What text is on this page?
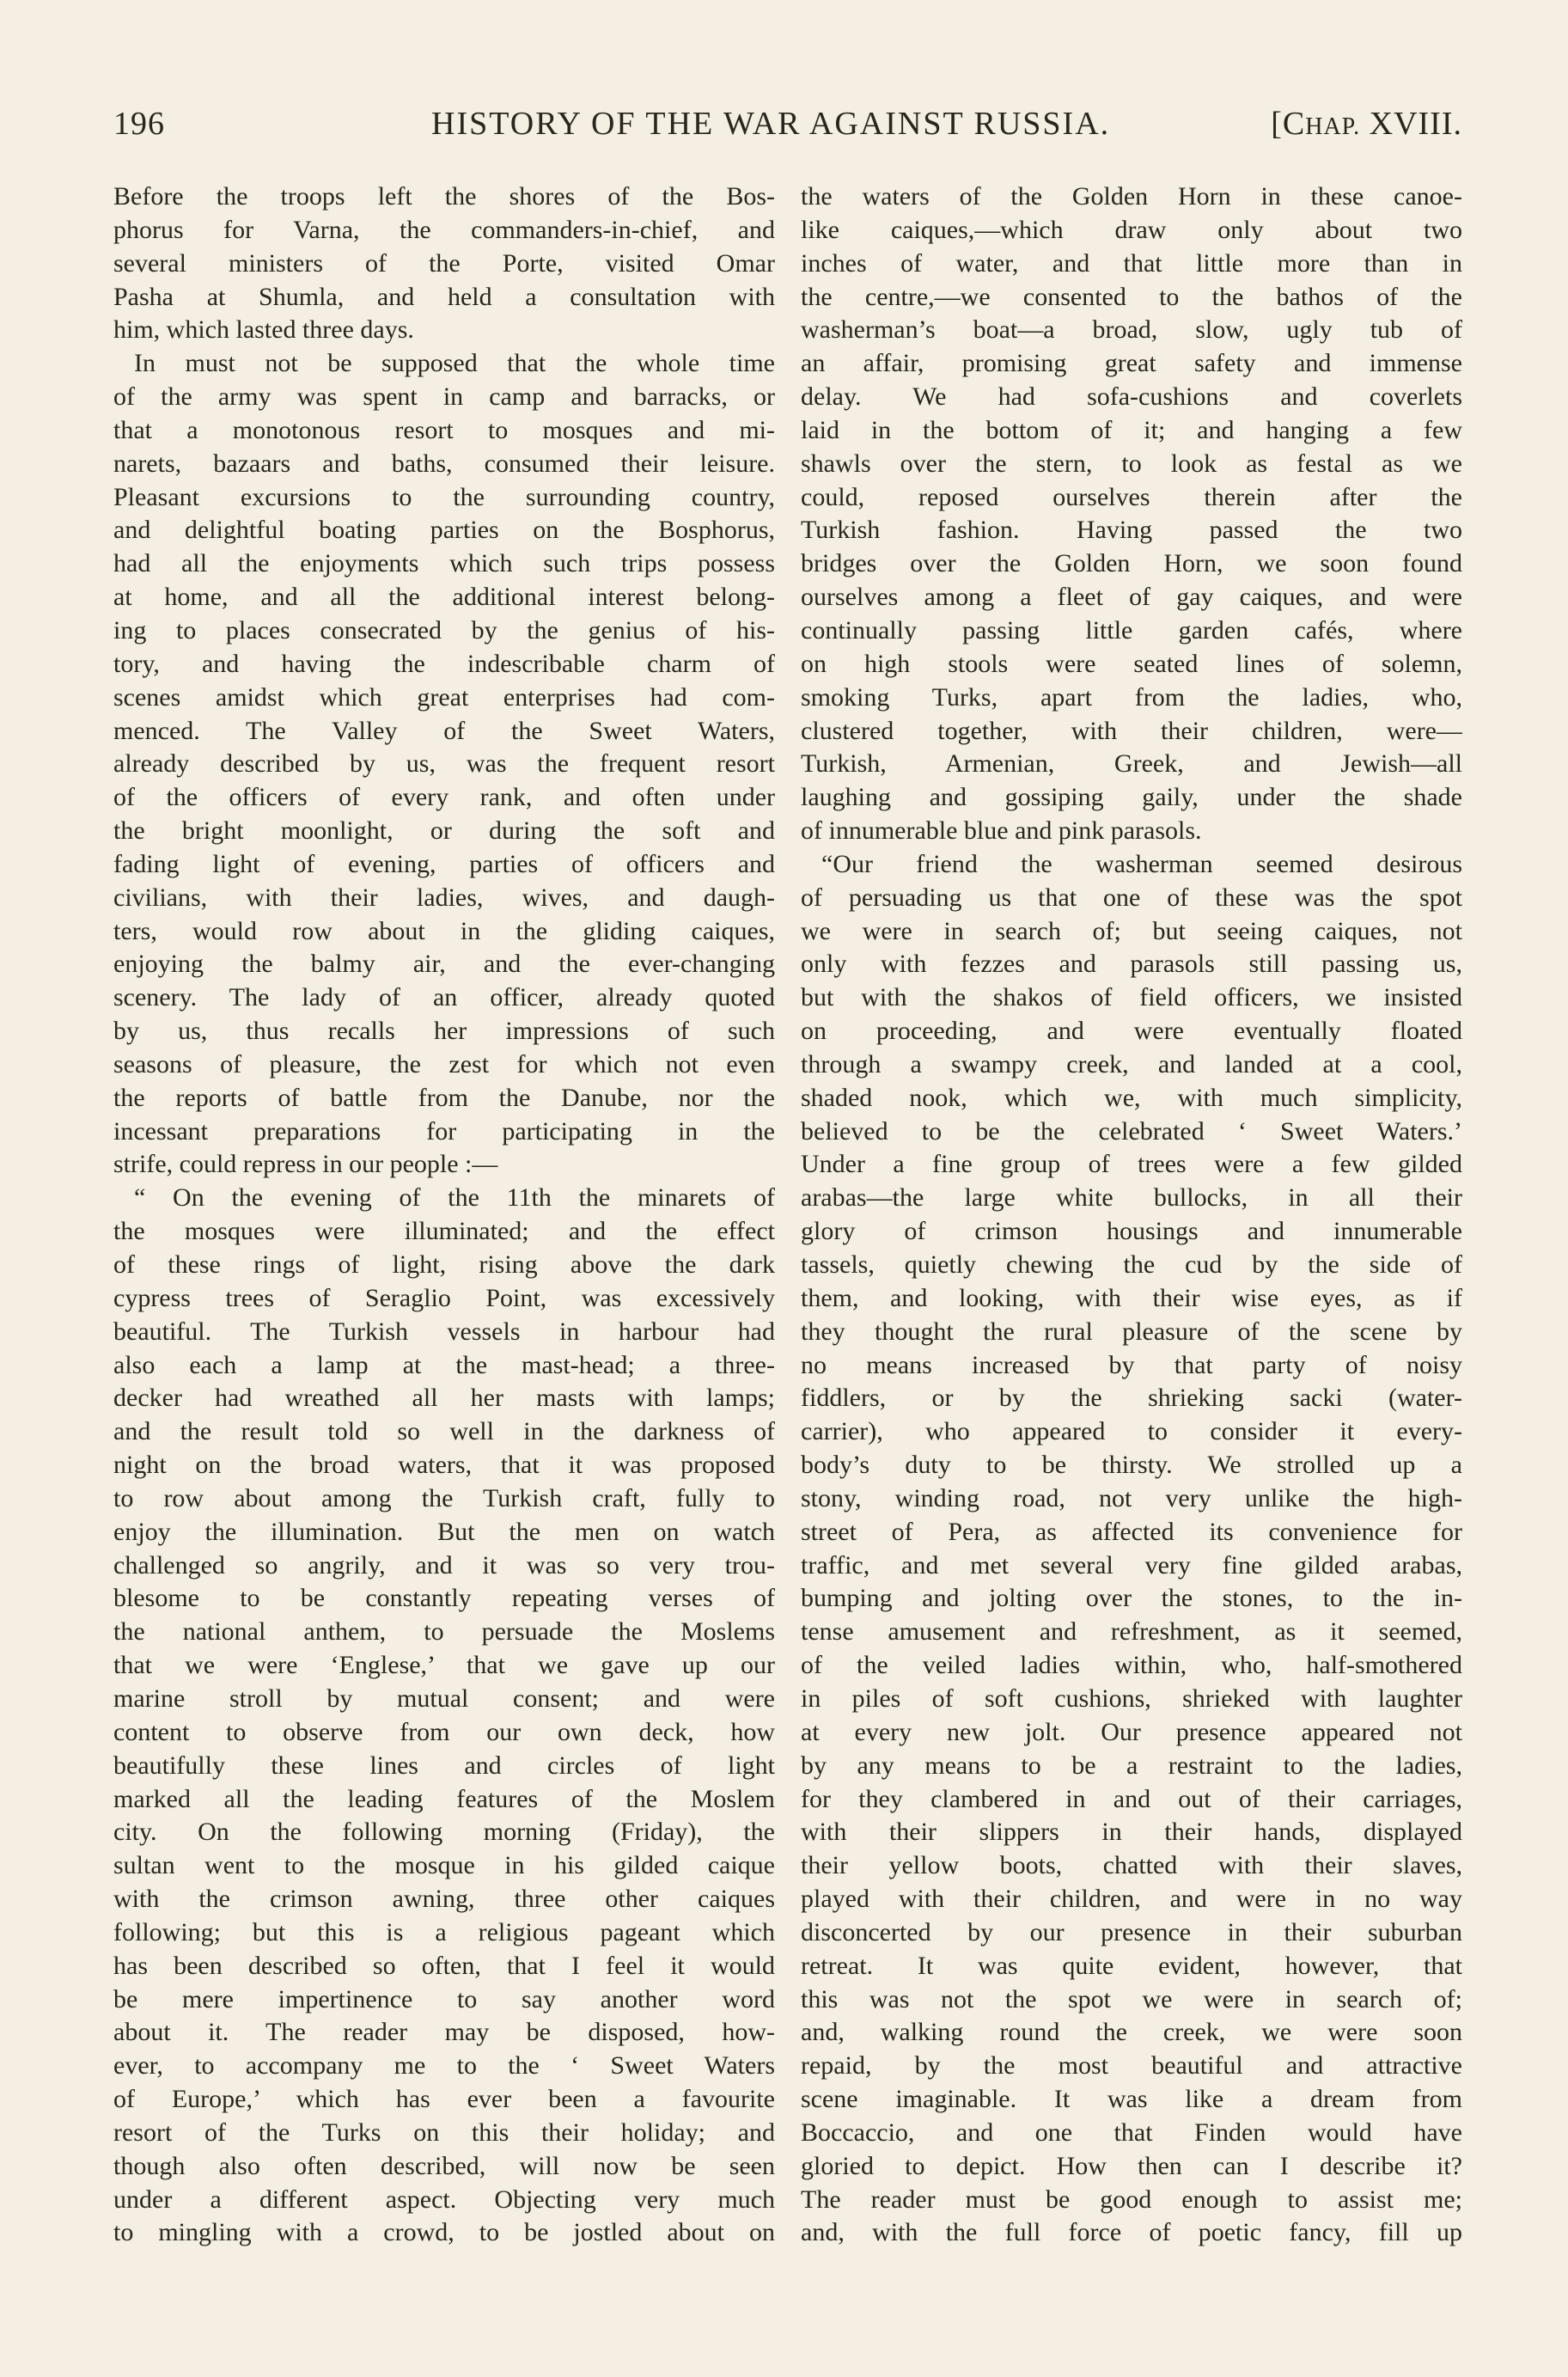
196	HISTORY OF THE WAR AGAINST RUSSIA.	[CHAP. XVIII.
Before the troops left the shores of the Bos-
phorus for Varna, the commanders-in-chief, and
several ministers of the Porte, visited Omar
Pasha at Shumla, and held a consultation with
him, which lasted three days.
In must not be supposed that the whole time
of the army was spent in camp and barracks, or
that a monotonous resort to mosques and mi-
narets, bazaars and baths, consumed their leisure.
Pleasant excursions to the surrounding country,
and delightful boating parties on the Bosphorus,
had all the enjoyments which such trips possess
at home, and all the additional interest belong-
ing to places consecrated by the genius of his-
tory, and having the indescribable charm of
scenes amidst which great enterprises had com-
menced. The Valley of the Sweet Waters,
already described by us, was the frequent resort
of the officers of every rank, and often under
the bright moonlight, or during the soft and
fading light of evening, parties of officers and
civilians, with their ladies, wives, and daugh-
ters, would row about in the gliding caiques,
enjoying the balmy air, and the ever-changing
scenery. The lady of an officer, already quoted
by us, thus recalls her impressions of such
seasons of pleasure, the zest for which not even
the reports of battle from the Danube, nor the
incessant preparations for participating in the
strife, could repress in our people :—
“ On the evening of the 11th the minarets of
the mosques were illuminated; and the effect
of these rings of light, rising above the dark
cypress trees of Seraglio Point, was excessively
beautiful. The Turkish vessels in harbour had
also each a lamp at the mast-head; a three-
decker had wreathed all her masts with lamps;
and the result told so well in the darkness of
night on the broad waters, that it was proposed
to row about among the Turkish craft, fully to
enjoy the illumination. But the men on watch
challenged so angrily, and it was so very trou-
blesome to be constantly repeating verses of
the national anthem, to persuade the Moslems
that we were ‘Englese,’ that we gave up our
marine stroll by mutual consent; and were
content to observe from our own deck, how
beautifully these lines and circles of light
marked all the leading features of the Moslem
city. On the following morning (Friday), the
sultan went to the mosque in his gilded caique
with the crimson awning, three other caiques
following; but this is a religious pageant which
has been described so often, that I feel it would
be mere impertinence to say another word
about it. The reader may be disposed, how-
ever, to accompany me to the ‘ Sweet Waters
of Europe,’ which has ever been a favourite
resort of the Turks on this their holiday; and
though also often described, will now be seen
under a different aspect. Objecting very much
to mingling with a crowd, to be jostled about on
the waters of the Golden Horn in these canoe-
like caiques,—which draw only about two
inches of water, and that little more than in
the centre,—we consented to the bathos of the
washerman’s boat—a broad, slow, ugly tub of
an affair, promising great safety and immense
delay. We had sofa-cushions and coverlets
laid in the bottom of it; and hanging a few
shawls over the stern, to look as festal as we
could, reposed ourselves therein after the
Turkish fashion. Having passed the two
bridges over the Golden Horn, we soon found
ourselves among a fleet of gay caiques, and were
continually passing little garden cafés, where
on high stools were seated lines of solemn,
smoking Turks, apart from the ladies, who,
clustered together, with their children, were—
Turkish, Armenian, Greek, and Jewish—all
laughing and gossiping gaily, under the shade
of innumerable blue and pink parasols.
“Our friend the washerman seemed desirous
of persuading us that one of these was the spot
we were in search of; but seeing caiques, not
only with fezzes and parasols still passing us,
but with the shakos of field officers, we insisted
on proceeding, and were eventually floated
through a swampy creek, and landed at a cool,
shaded nook, which we, with much simplicity,
believed to be the celebrated ‘ Sweet Waters.’
Under a fine group of trees were a few gilded
arabas—the large white bullocks, in all their
glory of crimson housings and innumerable
tassels, quietly chewing the cud by the side of
them, and looking, with their wise eyes, as if
they thought the rural pleasure of the scene by
no means increased by that party of noisy
fiddlers, or by the shrieking sacki (water-
carrier), who appeared to consider it every-
body’s duty to be thirsty. We strolled up a
stony, winding road, not very unlike the high-
street of Pera, as affected its convenience for
traffic, and met several very fine gilded arabas,
bumping and jolting over the stones, to the in-
tense amusement and refreshment, as it seemed,
of the veiled ladies within, who, half-smothered
in piles of soft cushions, shrieked with laughter
at every new jolt. Our presence appeared not
by any means to be a restraint to the ladies,
for they clambered in and out of their carriages,
with their slippers in their hands, displayed
their yellow boots, chatted with their slaves,
played with their children, and were in no way
disconcerted by our presence in their suburban
retreat. It was quite evident, however, that
this was not the spot we were in search of;
and, walking round the creek, we were soon
repaid, by the most beautiful and attractive
scene imaginable. It was like a dream from
Boccaccio, and one that Finden would have
gloried to depict. How then can I describe it?
The reader must be good enough to assist me;
and, with the full force of poetic fancy, fill up
